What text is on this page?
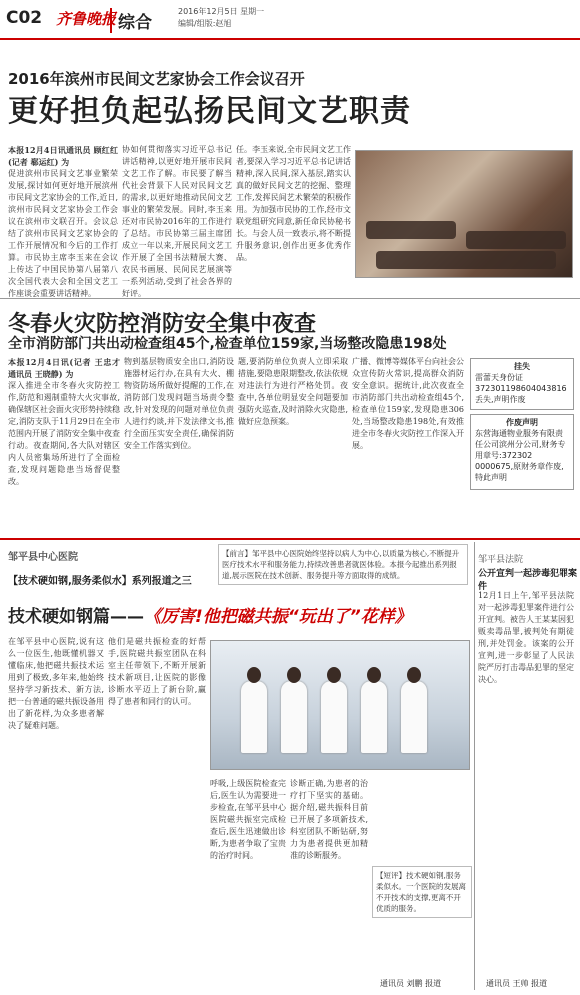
C02 齐鲁晚报 综合
2016年12月5日 星期一
编辑/组版:赵旭
2016年滨州市民间文艺家协会工作会议召开
更好担负起弘扬民间文艺职责
本报12月4日讯通讯员 顾红红 (记者 郗运红) 为
促进滨州市民间文艺事业繁荣发展,探讨如何更好地开展滨州市民间文艺家协会的工作,近日,滨州市民间文艺家协会工作会议在滨州市文联召开。会议总结了滨州市民间文艺家协会的工作开展情况和今后的工作打算。市民协主席李玉来在会议上传达了中国民协第八届第八次全国代表大会和全国文艺工作座谈会重要讲话精神。
协如何贯彻落实习近平总书记讲话精神,以更好地开展市民间文艺工作了解。市民要了解当代社会背景下人民对民间文艺的需求,以更好地推动民间文艺事业的繁荣发展。同时,李玉来还对市民协2016年的工作进行了总结。市民协第三届主席团成立一年以来,开展民间文艺工作开展了全国书法精展大赛、农民书画展、民间民艺展演等一系列活动,受到了社会各界的好评。
任。李玉来说,全市民间文艺工作者,要深入学习习近平总书记讲话精神,深入民间,深入基层,踏实认真的做好民间文艺的挖掘、整理工作,发挥民间艺术繁荣的积极作用。为加强市民协的工作,经市文联党组研究同意,新任命民协秘书长。与会人员一致表示,将不断提升服务意识,创作出更多优秀作品。
冬春火灾防控消防安全集中夜查
全市消防部门共出动检查组45个,检查单位159家,当场整改隐患198处
本报12月4日讯(记者 王忠才 通讯员 王晓静) 为
深入推进全市冬春火灾防控工作,防范和遏制重特大火灾事故,确保辖区社会面火灾形势持续稳定,消防支队于11月29日在全市范围内开展了消防安全集中夜查行动。夜查期间,各大队对辖区内人员密集场所进行了全面检查,发现问题隐患当场督促整改。
物到基层物质安全出口,消防设施器材运行办,在具有大火、棚物资防场所做好提醒的工作,在消防部门发现问题当场责令整改,针对发现的问题对单位负责人进行约谈,并下发法律文书,推行全面压实安全责任,确保消防安全工作落实到位。
题,要消防单位负责人立即采取措施,要隐患限期整改,依法依规对违法行为进行严格处罚。夜查中,各单位明显安全问题要加强防火巡查,及时消除火灾隐患,做好应急预案。
广播、微博等媒体平台向社会公众宣传防火常识,提高群众消防安全意识。据统计,此次夜查全市消防部门共出动检查组45个,检查单位159家,发现隐患306处,当场整改隐患198处,有效推进全市冬春火灾防控工作深入开展。
挂失
雷蕾天身份证372301198604043816丢失,声明作废
作废声明
东营海通物业服务有限责任公司滨州分公司,财务专用章号:372302 0000675,原财务章作废,特此声明
邹平县中心医院
【技术硬如钢,服务柔似水】系列报道之三
【前言】邹平县中心医院始终坚持以病人为中心,以质量为核心,不断提升医疗技术水平和服务能力,持续改善患者就医体验。本报今起推出系列报道,展示医院在技术创新、服务提升等方面取得的成绩。
技术硬如钢篇——《厉害!他把磁共振“玩出了”花样》
在邹平县中心医院,说有这么一位医生,他既懂机器又懂临床,他把磁共振技术运用到了极致,多年来,他始终坚持学习新技术、新方法,把一台普通的磁共振设备用出了新花样,为众多患者解决了疑难问题。
他们是磁共振检查的好帮手,医院磁共振室团队在科室主任带领下,不断开展新技术新项目,让医院的影像诊断水平迈上了新台阶,赢得了患者和同行的认可。
呼吸,上级医院检查完后,医生认为需要进一步检查,在邹平县中心医院磁共振室完成检查后,医生迅速做出诊断,为患者争取了宝贵的治疗时间。
诊断正确,为患者的治疗打下坚实的基础。据介绍,磁共振科目前已开展了多项新技术,科室团队不断钻研,努力为患者提供更加精准的诊断服务。
【短评】技术硬如钢,服务柔似水。一个医院的发展离不开技术的支撑,更离不开优质的服务。
通讯员 刘鹏 报道
邹平县法院
公开宣判一起涉毒犯罪案件
12月1日上午,邹平县法院对一起涉毒犯罪案件进行公开宣判。被告人王某某因犯贩卖毒品罪,被判处有期徒刑,并处罚金。该案的公开宣判,进一步彰显了人民法院严厉打击毒品犯罪的坚定决心。
通讯员 王帅 报道
